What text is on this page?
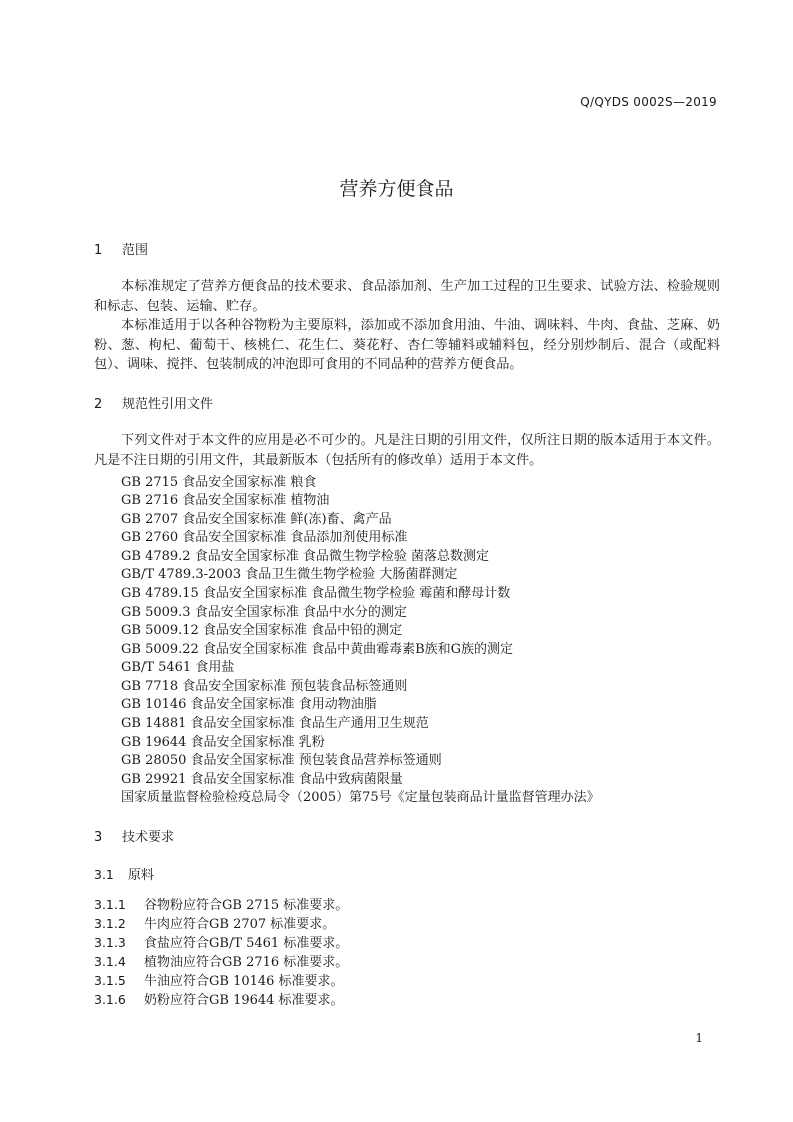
Q/QYDS 0002S—2019
营养方便食品
1 范围
本标准规定了营养方便食品的技术要求、食品添加剂、生产加工过程的卫生要求、试验方法、检验规则和标志、包装、运输、贮存。
本标准适用于以各种谷物粉为主要原料，添加或不添加食用油、牛油、调味料、牛肉、食盐、芝麻、奶粉、葱、枸杞、葡萄干、核桃仁、花生仁、葵花籽、杏仁等辅料或辅料包，经分别炒制后、混合（或配料包）、调味、搅拌、包装制成的冲泡即可食用的不同品种的营养方便食品。
2 规范性引用文件
下列文件对于本文件的应用是必不可少的。凡是注日期的引用文件，仅所注日期的版本适用于本文件。凡是不注日期的引用文件，其最新版本（包括所有的修改单）适用于本文件。
GB 2715 食品安全国家标准 粮食
GB 2716 食品安全国家标准 植物油
GB 2707 食品安全国家标准 鲜(冻)畜、禽产品
GB 2760 食品安全国家标准 食品添加剂使用标准
GB 4789.2 食品安全国家标准 食品微生物学检验 菌落总数测定
GB/T 4789.3-2003 食品卫生微生物学检验 大肠菌群测定
GB 4789.15 食品安全国家标准 食品微生物学检验 霉菌和酵母计数
GB 5009.3 食品安全国家标准 食品中水分的测定
GB 5009.12 食品安全国家标准 食品中铅的测定
GB 5009.22 食品安全国家标准 食品中黄曲霉毒素B族和G族的测定
GB/T 5461 食用盐
GB 7718 食品安全国家标准 预包装食品标签通则
GB 10146 食品安全国家标准 食用动物油脂
GB 14881 食品安全国家标准 食品生产通用卫生规范
GB 19644 食品安全国家标准 乳粉
GB 28050 食品安全国家标准 预包装食品营养标签通则
GB 29921 食品安全国家标准 食品中致病菌限量
国家质量监督检验检疫总局令（2005）第75号《定量包装商品计量监督管理办法》
3 技术要求
3.1 原料
3.1.1 谷物粉应符合GB 2715 标准要求。
3.1.2 牛肉应符合GB 2707 标准要求。
3.1.3 食盐应符合GB/T 5461 标准要求。
3.1.4 植物油应符合GB 2716 标准要求。
3.1.5 牛油应符合GB 10146 标准要求。
3.1.6 奶粉应符合GB 19644 标准要求。
1
